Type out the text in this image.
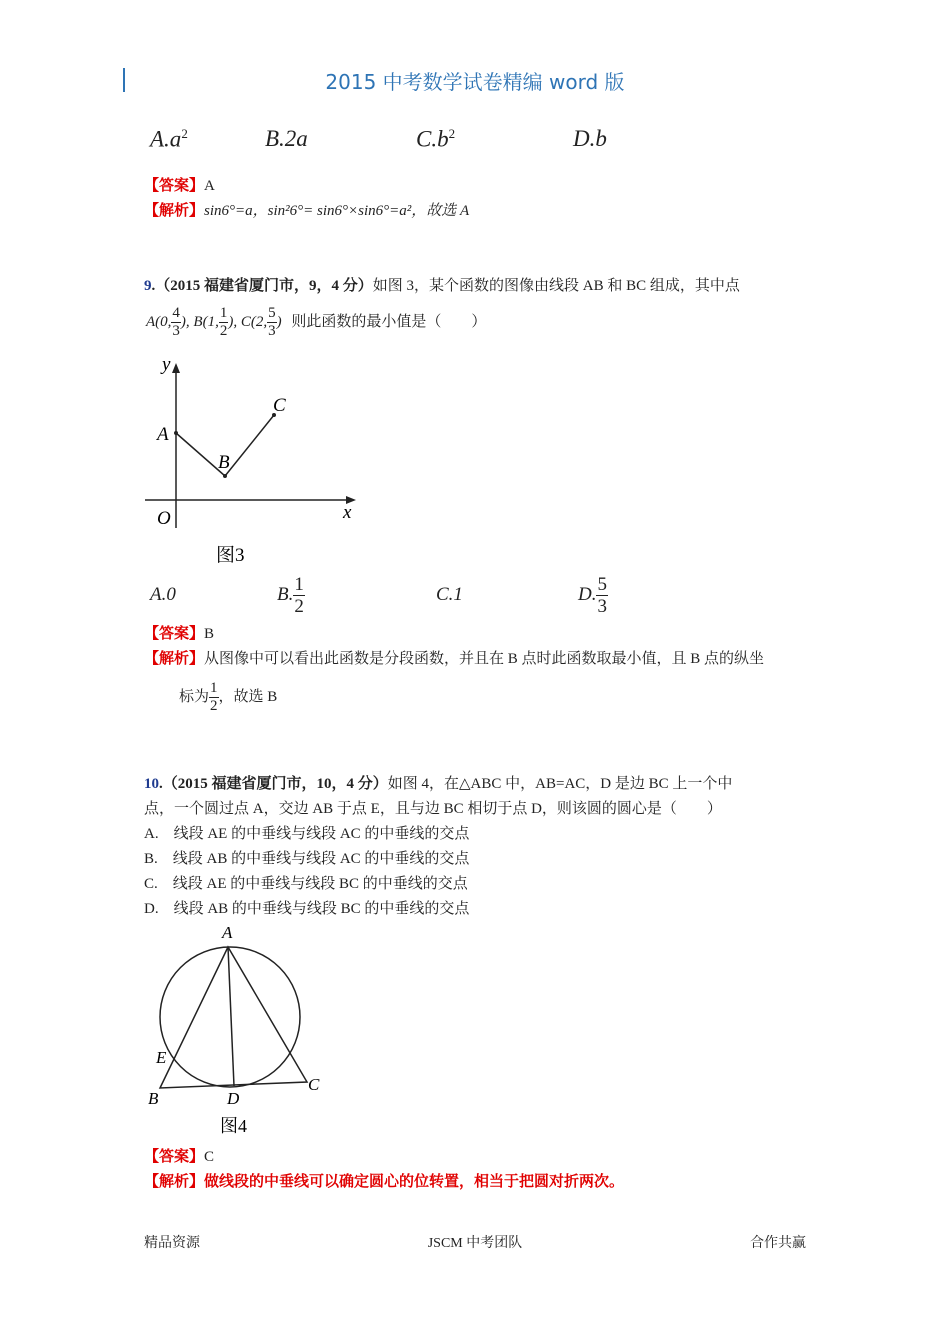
2015 中考数学试卷精编 word 版
$A.a^2$	B.2a	$C.b^2$	D.b
【答案】A
【解析】sin6°=a，sin²6°= sin6°×sin6°=a²，故选 A
9.（2015 福建省厦门市，9，4 分）如图 3，某个函数的图像由线段 AB 和 BC 组成，其中点
A(0, $\frac{4}{3}$ ), B(1, $\frac{1}{2}$ ), C(2, $\frac{5}{3}$ ) 则此函数的最小值是（　　）
y
x
O
A
B
C
图3
A.0	B. $\frac{1}{2}$	C.1	D. $\frac{5}{3}$
【答案】B
【解析】从图像中可以看出此函数是分段函数，并且在 B 点时此函数取最小值，且 B 点的纵坐
标为 $\frac{1}{2}$ ，故选 B
10.（2015 福建省厦门市，10，4 分）如图 4，在△ABC 中，AB=AC，D 是边 BC 上一个中
点，一个圆过点 A，交边 AB 于点 E，且与边 BC 相切于点 D，则该圆的圆心是（　　）
A.　线段 AE 的中垂线与线段 AC 的中垂线的交点
B.　线段 AB 的中垂线与线段 AC 的中垂线的交点
C.　线段 AE 的中垂线与线段 BC 的中垂线的交点
D.　线段 AB 的中垂线与线段 BC 的中垂线的交点
A
B
C
D
E
图4
【答案】C
【解析】做线段的中垂线可以确定圆心的位转置，相当于把圆对折两次。
精品资源	JSCM 中考团队	合作共赢
